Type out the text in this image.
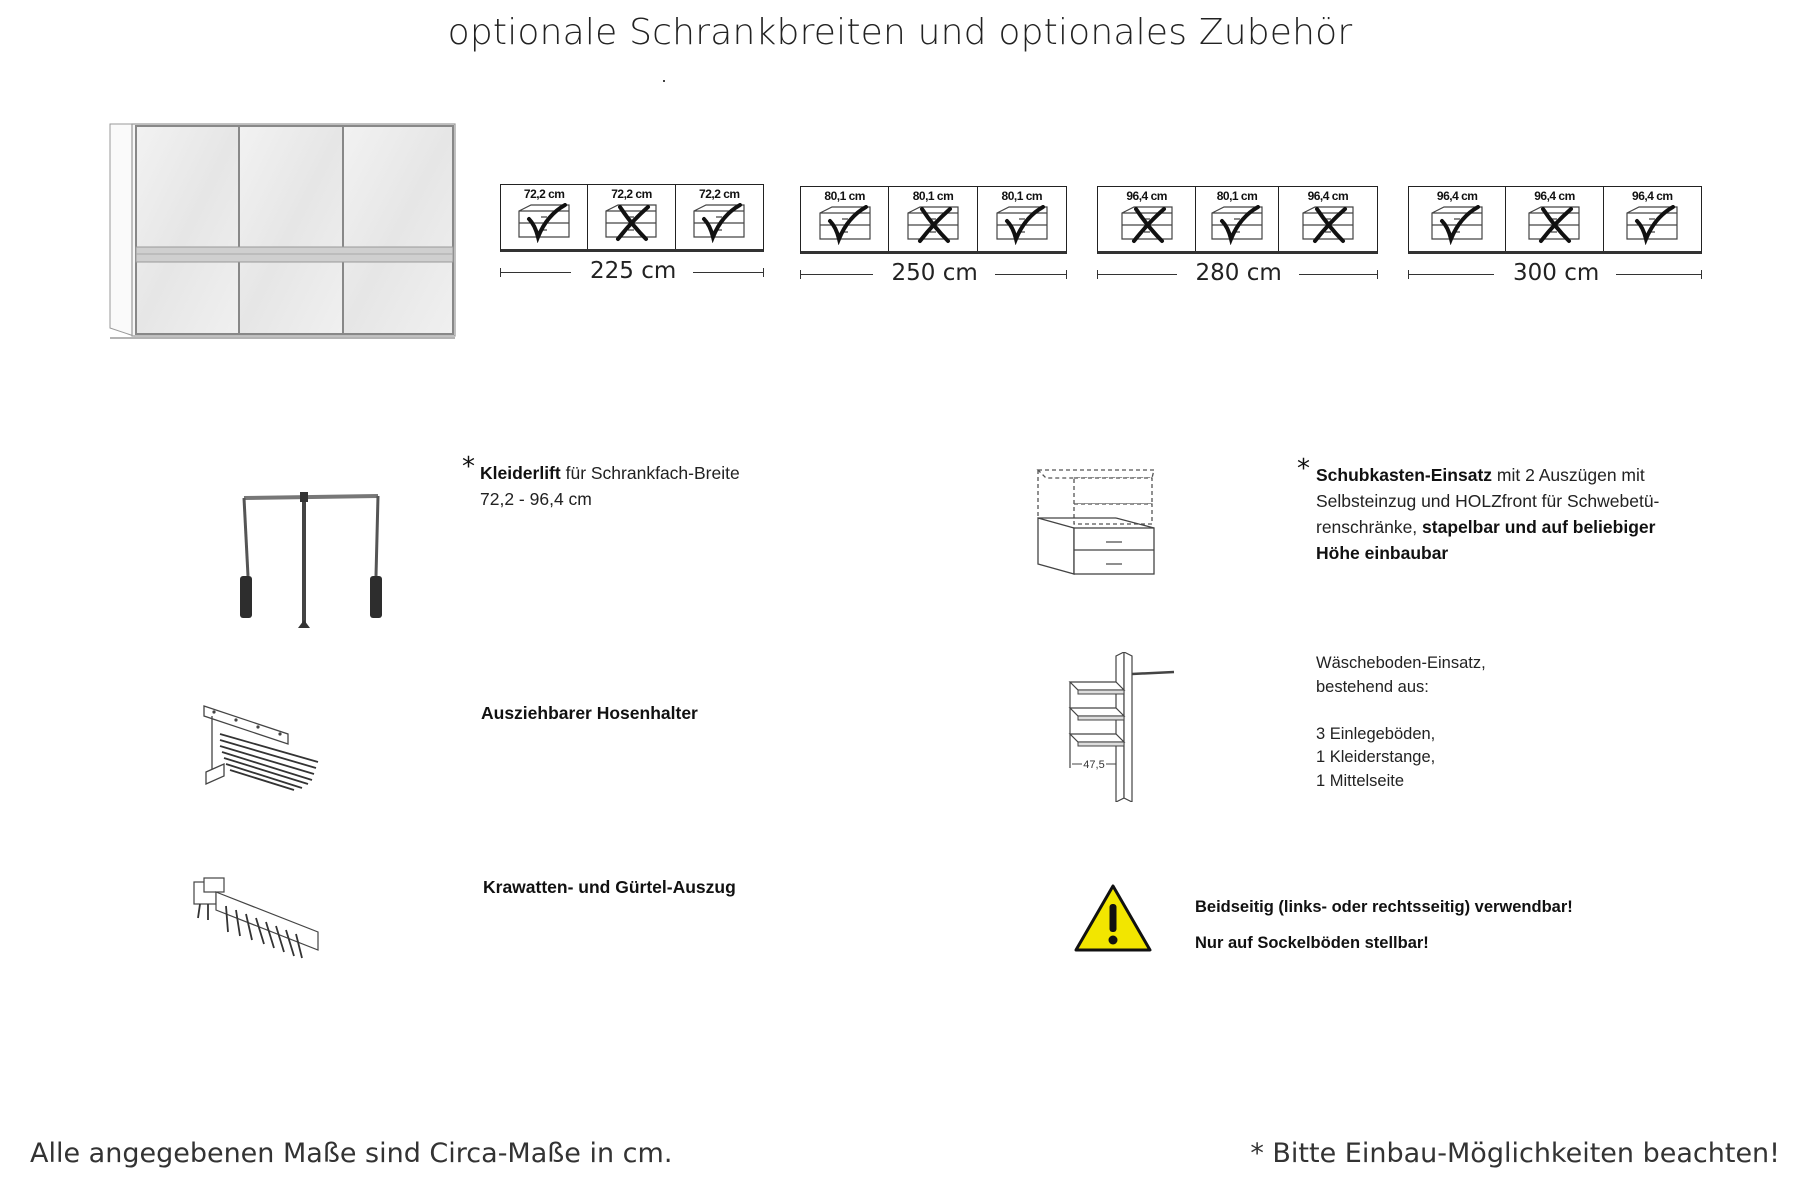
optionale Schrankbreiten und optionales Zubehör
72,2 cm	72,2 cm	72,2 cm
225 cm
80,1 cm	80,1 cm	80,1 cm
250 cm
96,4 cm	80,1 cm	96,4 cm
280 cm
96,4 cm	96,4 cm	96,4 cm
300 cm
* Kleiderlift für Schrankfach-Breite
72,2 - 96,4 cm
Ausziehbarer Hosenhalter
Krawatten- und Gürtel-Auszug
* Schubkasten-Einsatz mit 2 Auszügen mit
Selbsteinzug und HOLZfront für Schwebetü-
renschränke, stapelbar und auf beliebiger
Höhe einbaubar
47,5
Wäscheboden-Einsatz,
bestehend aus:

3 Einlegeböden,
1 Kleiderstange,
1 Mittelseite
Beidseitig (links- oder rechtsseitig) verwendbar!
Nur auf Sockelböden stellbar!
Alle angegebenen Maße sind Circa-Maße in cm.	* Bitte Einbau-Möglichkeiten beachten!
